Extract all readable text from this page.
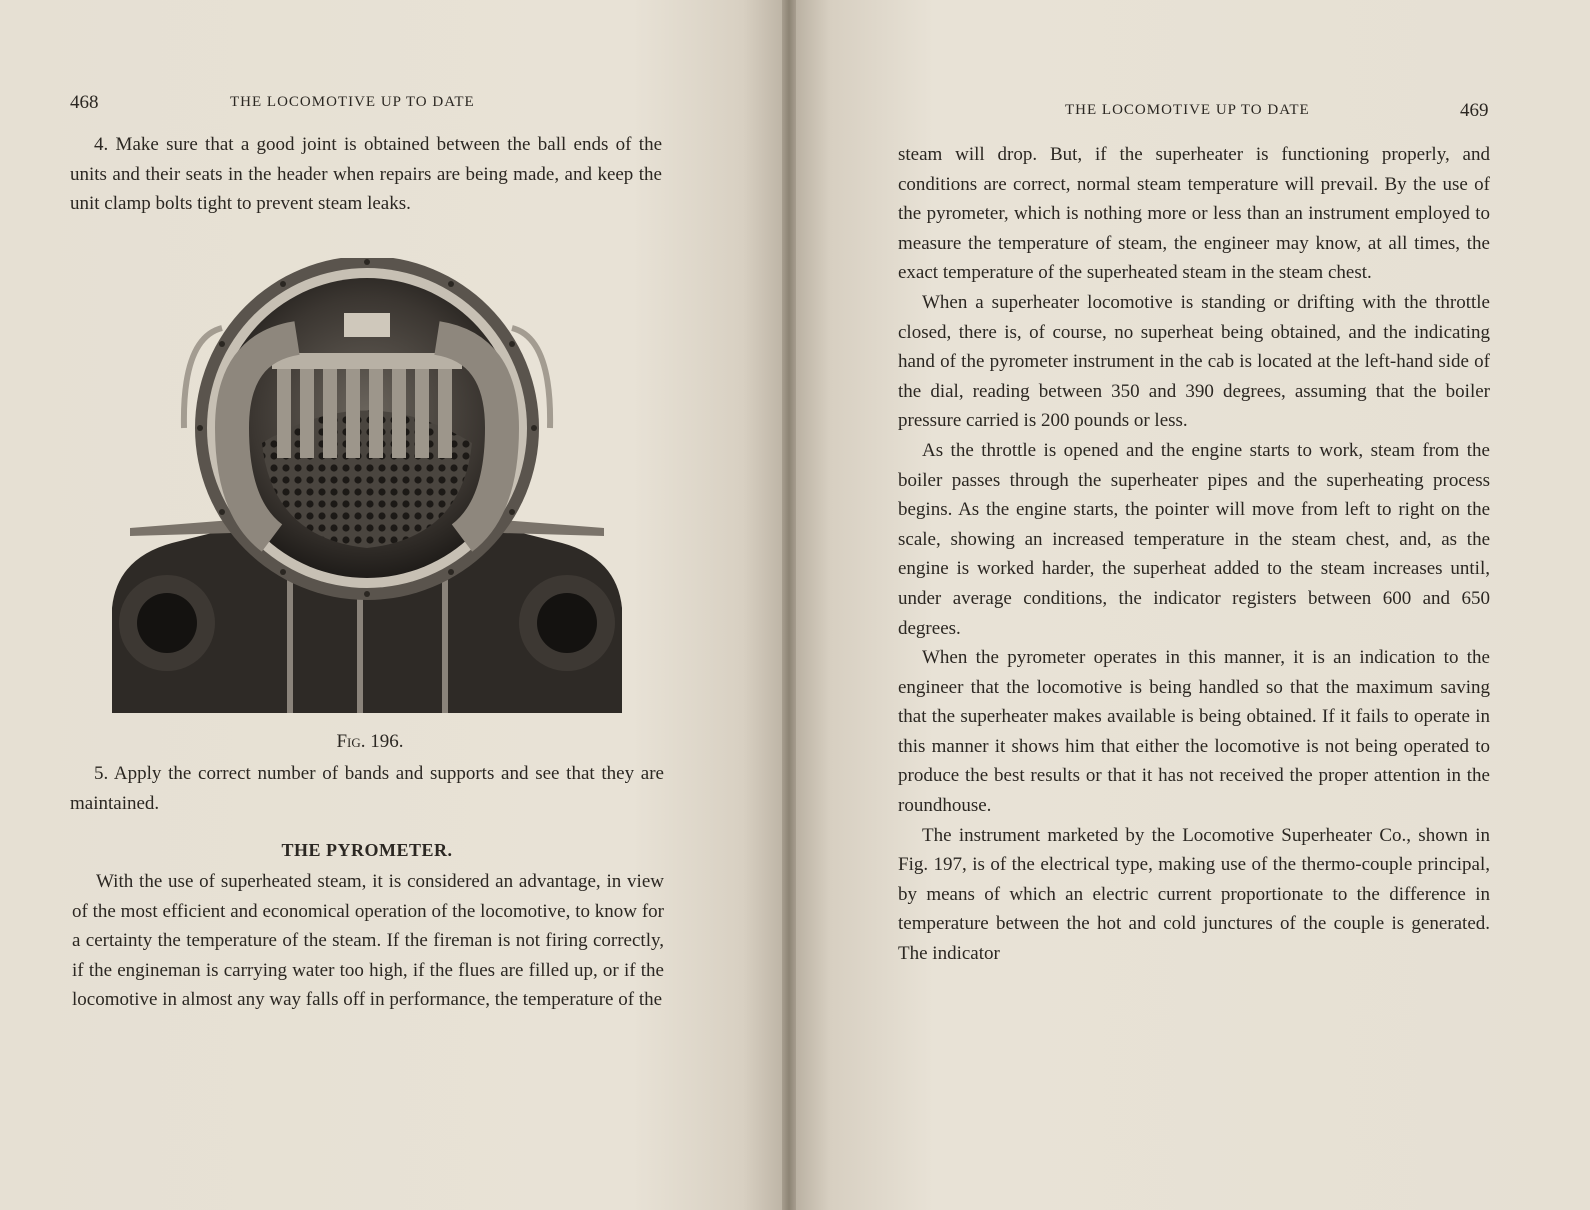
468	THE LOCOMOTIVE UP TO DATE

4. Make sure that a good joint is obtained between the ball ends of the units and their seats in the header when repairs are being made, and keep the unit clamp bolts tight to prevent steam leaks.

Fig. 196.

5. Apply the correct number of bands and supports and see that they are maintained.

THE PYROMETER.

With the use of superheated steam, it is considered an advantage, in view of the most efficient and economical operation of the locomotive, to know for a certainty the temperature of the steam. If the fireman is not firing correctly, if the engineman is carrying water too high, if the flues are filled up, or if the locomotive in almost any way falls off in performance, the temperature of the

THE LOCOMOTIVE UP TO DATE	469

steam will drop. But, if the superheater is functioning properly, and conditions are correct, normal steam temperature will prevail. By the use of the pyrometer, which is nothing more or less than an instrument employed to measure the temperature of steam, the engineer may know, at all times, the exact temperature of the superheated steam in the steam chest.

When a superheater locomotive is standing or drifting with the throttle closed, there is, of course, no superheat being obtained, and the indicating hand of the pyrometer instrument in the cab is located at the left-hand side of the dial, reading between 350 and 390 degrees, assuming that the boiler pressure carried is 200 pounds or less.

As the throttle is opened and the engine starts to work, steam from the boiler passes through the superheater pipes and the superheating process begins. As the engine starts, the pointer will move from left to right on the scale, showing an increased temperature in the steam chest, and, as the engine is worked harder, the superheat added to the steam increases until, under average conditions, the indicator registers between 600 and 650 degrees.

When the pyrometer operates in this manner, it is an indication to the engineer that the locomotive is being handled so that the maximum saving that the superheater makes available is being obtained. If it fails to operate in this manner it shows him that either the locomotive is not being operated to produce the best results or that it has not received the proper attention in the roundhouse.

The instrument marketed by the Locomotive Superheater Co., shown in Fig. 197, is of the electrical type, making use of the thermo-couple principal, by means of which an electric current proportionate to the difference in temperature between the hot and cold junctures of the couple is generated. The indicator
